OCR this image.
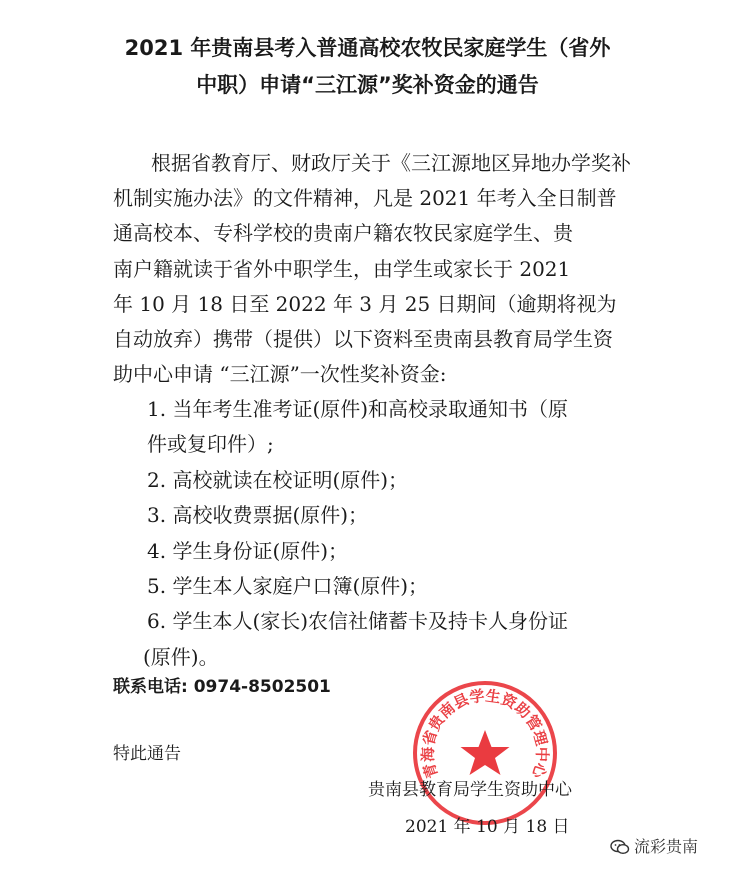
2021 年贵南县考入普通高校农牧民家庭学生（省外
中职）申请“三江源”奖补资金的通告
根据省教育厅、财政厅关于《三江源地区异地办学奖补
机制实施办法》的文件精神，凡是 2021 年考入全日制普
通高校本、专科学校的贵南户籍农牧民家庭学生、贵
南户籍就读于省外中职学生，由学生或家长于 2021
年 10 月 18 日至 2022 年 3 月 25 日期间（逾期将视为
自动放弃）携带（提供）以下资料至贵南县教育局学生资
助中心申请 “三江源”一次性奖补资金:
1. 当年考生准考证(原件)和高校录取通知书（原
件或复印件）;
2. 高校就读在校证明(原件)；
3. 高校收费票据(原件)；
4. 学生身份证(原件)；
5. 学生本人家庭户口簿(原件)；
6. 学生本人(家长)农信社储蓄卡及持卡人身份证
(原件)。
联系电话: 0974-8502501
特此通告
青海省贵南县学生资助管理中心
贵南县教育局学生资助中心
2021 年 10 月 18 日
流彩贵南
